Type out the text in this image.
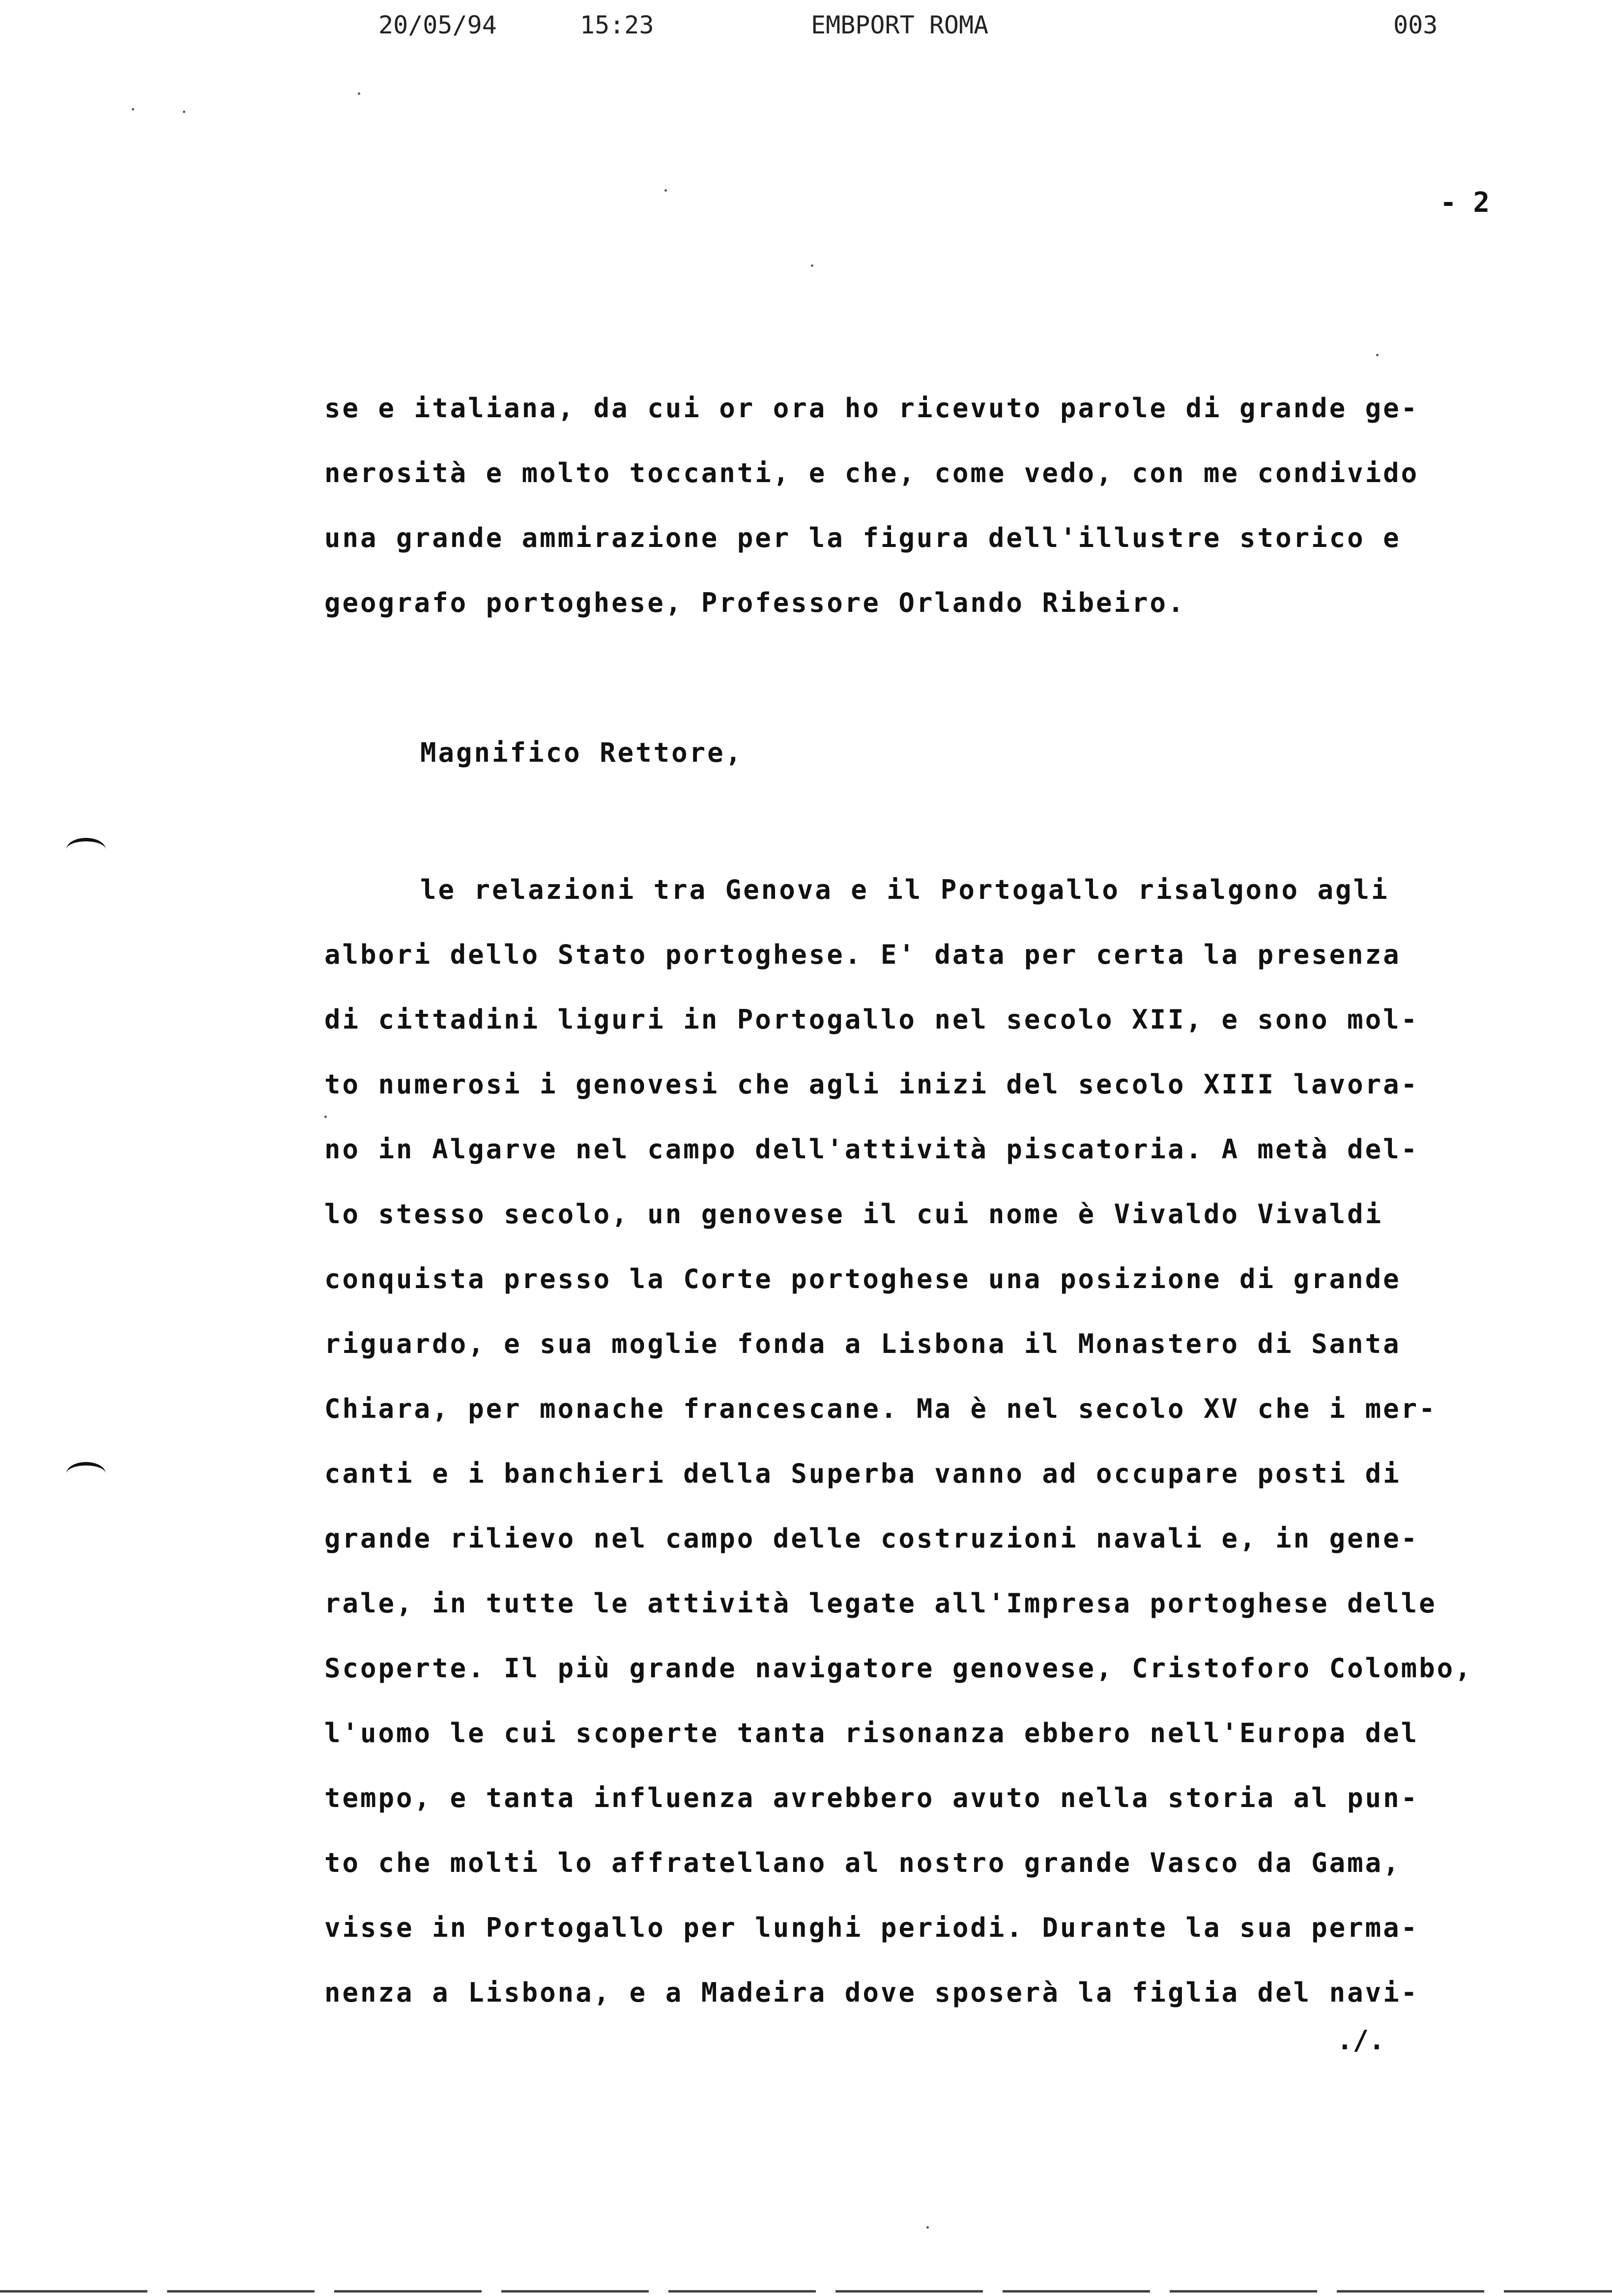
20/05/94	15:23	EMBPORT ROMA	003
- 2
se e italiana, da cui or ora ho ricevuto parole di grande ge-
nerosità e molto toccanti, e che, come vedo, con me condivido
una grande ammirazione per la figura dell'illustre storico e
geografo portoghese, Professore Orlando Ribeiro.
Magnifico Rettore,
le relazioni tra Genova e il Portogallo risalgono agli
albori dello Stato portoghese. E' data per certa la presenza
di cittadini liguri in Portogallo nel secolo XII, e sono mol-
to numerosi i genovesi che agli inizi del secolo XIII lavora-
no in Algarve nel campo dell'attività piscatoria. A metà del-
lo stesso secolo, un genovese il cui nome è Vivaldo Vivaldi
conquista presso la Corte portoghese una posizione di grande
riguardo, e sua moglie fonda a Lisbona il Monastero di Santa
Chiara, per monache francescane. Ma è nel secolo XV che i mer-
canti e i banchieri della Superba vanno ad occupare posti di
grande rilievo nel campo delle costruzioni navali e, in gene-
rale, in tutte le attività legate all'Impresa portoghese delle
Scoperte. Il più grande navigatore genovese, Cristoforo Colombo,
l'uomo le cui scoperte tanta risonanza ebbero nell'Europa del
tempo, e tanta influenza avrebbero avuto nella storia al pun-
to che molti lo affratellano al nostro grande Vasco da Gama,
visse in Portogallo per lunghi periodi. Durante la sua perma-
nenza a Lisbona, e a Madeira dove sposerà la figlia del navi-
./.
